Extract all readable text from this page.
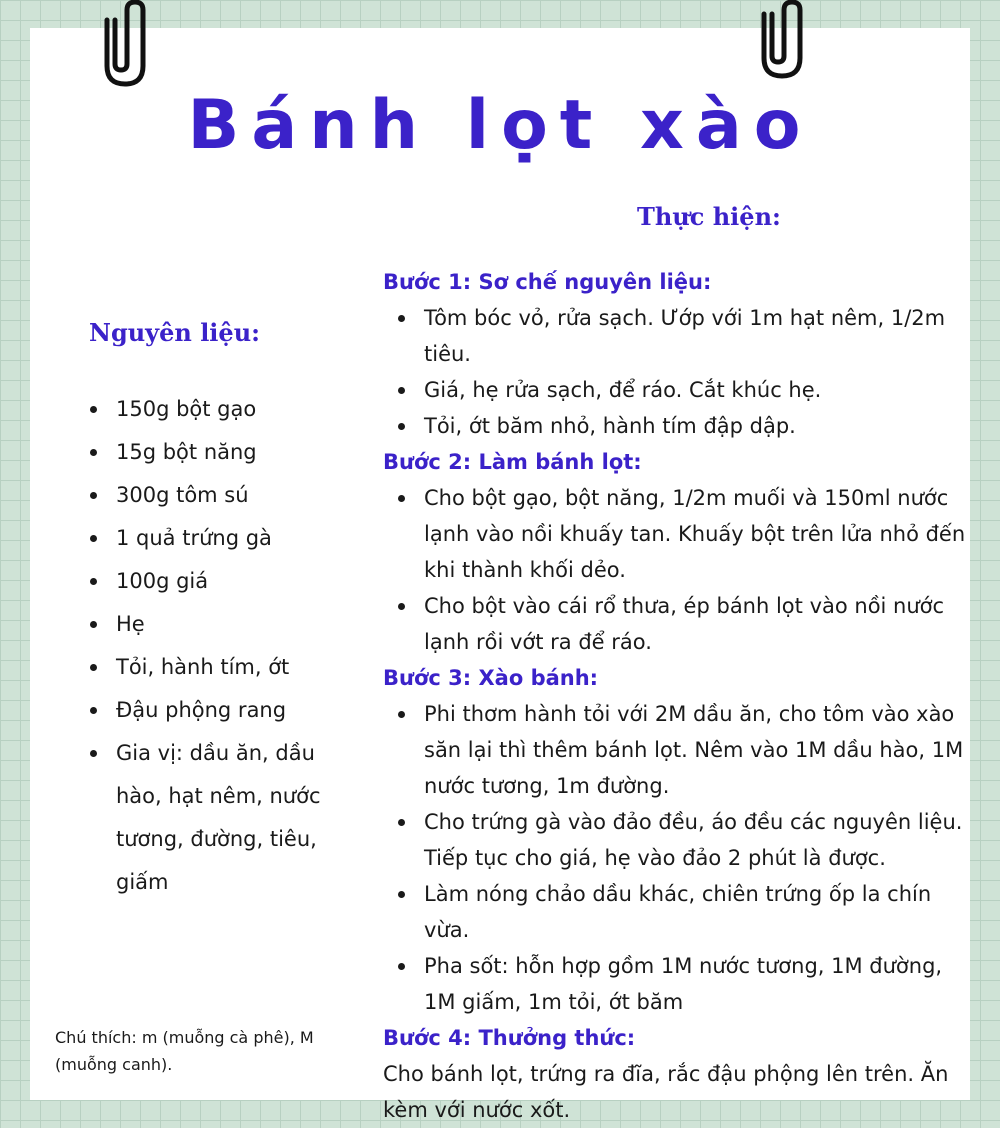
Bánh lọt xào
Thực hiện:
Nguyên liệu:
150g bột gạo
15g bột năng
300g tôm sú
1 quả trứng gà
100g giá
Hẹ
Tỏi, hành tím, ớt
Đậu phộng rang
Gia vị: dầu ăn, dầu hào, hạt nêm, nước tương, đường, tiêu, giấm
Chú thích: m (muỗng cà phê), M (muỗng canh).
Bước 1: Sơ chế nguyên liệu:
Tôm bóc vỏ, rửa sạch. Ướp với 1m hạt nêm, 1/2m tiêu.
Giá, hẹ rửa sạch, để ráo. Cắt khúc hẹ.
Tỏi, ớt băm nhỏ, hành tím đập dập.
Bước 2: Làm bánh lọt:
Cho bột gạo, bột năng, 1/2m muối và 150ml nước lạnh vào nồi khuấy tan. Khuấy bột trên lửa nhỏ đến khi thành khối dẻo.
Cho bột vào cái rổ thưa, ép bánh lọt vào nồi nước lạnh rồi vớt ra để ráo.
Bước 3: Xào bánh:
Phi thơm hành tỏi với 2M dầu ăn, cho tôm vào xào săn lại thì thêm bánh lọt. Nêm vào 1M dầu hào, 1M nước tương, 1m đường.
Cho trứng gà vào đảo đều, áo đều các nguyên liệu. Tiếp tục cho giá, hẹ vào đảo 2 phút là được.
Làm nóng chảo dầu khác, chiên trứng ốp la chín vừa.
Pha sốt: hỗn hợp gồm 1M nước tương, 1M đường, 1M giấm, 1m tỏi, ớt băm
Bước 4: Thưởng thức:
Cho bánh lọt, trứng ra đĩa, rắc đậu phộng lên trên. Ăn kèm với nước xốt.
